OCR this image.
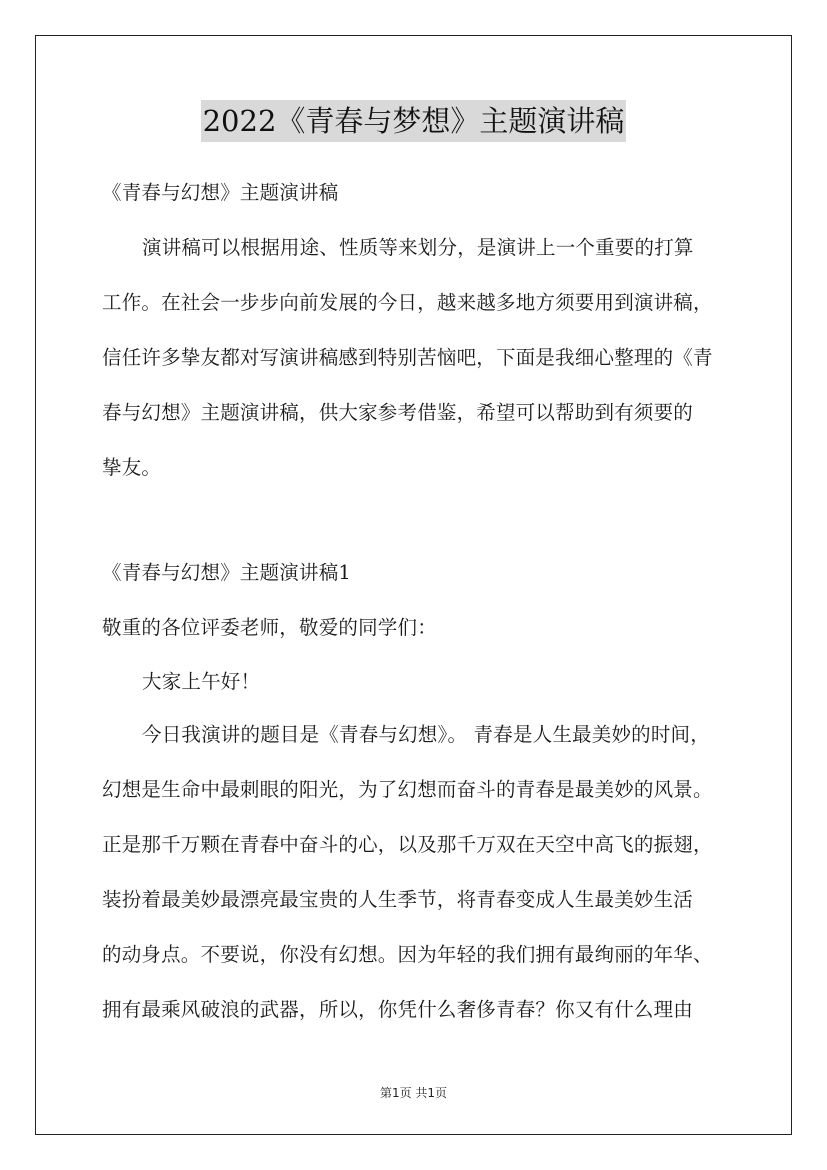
2022《青春与梦想》主题演讲稿
《青春与幻想》主题演讲稿
演讲稿可以根据用途、性质等来划分，是演讲上一个重要的打算
工作。在社会一步步向前发展的今日，越来越多地方须要用到演讲稿，
信任许多挚友都对写演讲稿感到特别苦恼吧，下面是我细心整理的《青
春与幻想》主题演讲稿，供大家参考借鉴，希望可以帮助到有须要的
挚友。
《青春与幻想》主题演讲稿1
敬重的各位评委老师，敬爱的同学们：
大家上午好！
今日我演讲的题目是《青春与幻想》。 青春是人生最美妙的时间，
幻想是生命中最刺眼的阳光，为了幻想而奋斗的青春是最美妙的风景。
正是那千万颗在青春中奋斗的心，以及那千万双在天空中高飞的振翅，
装扮着最美妙最漂亮最宝贵的人生季节，将青春变成人生最美妙生活
的动身点。不要说，你没有幻想。因为年轻的我们拥有最绚丽的年华、
拥有最乘风破浪的武器，所以，你凭什么奢侈青春？你又有什么理由
第1页 共1页
